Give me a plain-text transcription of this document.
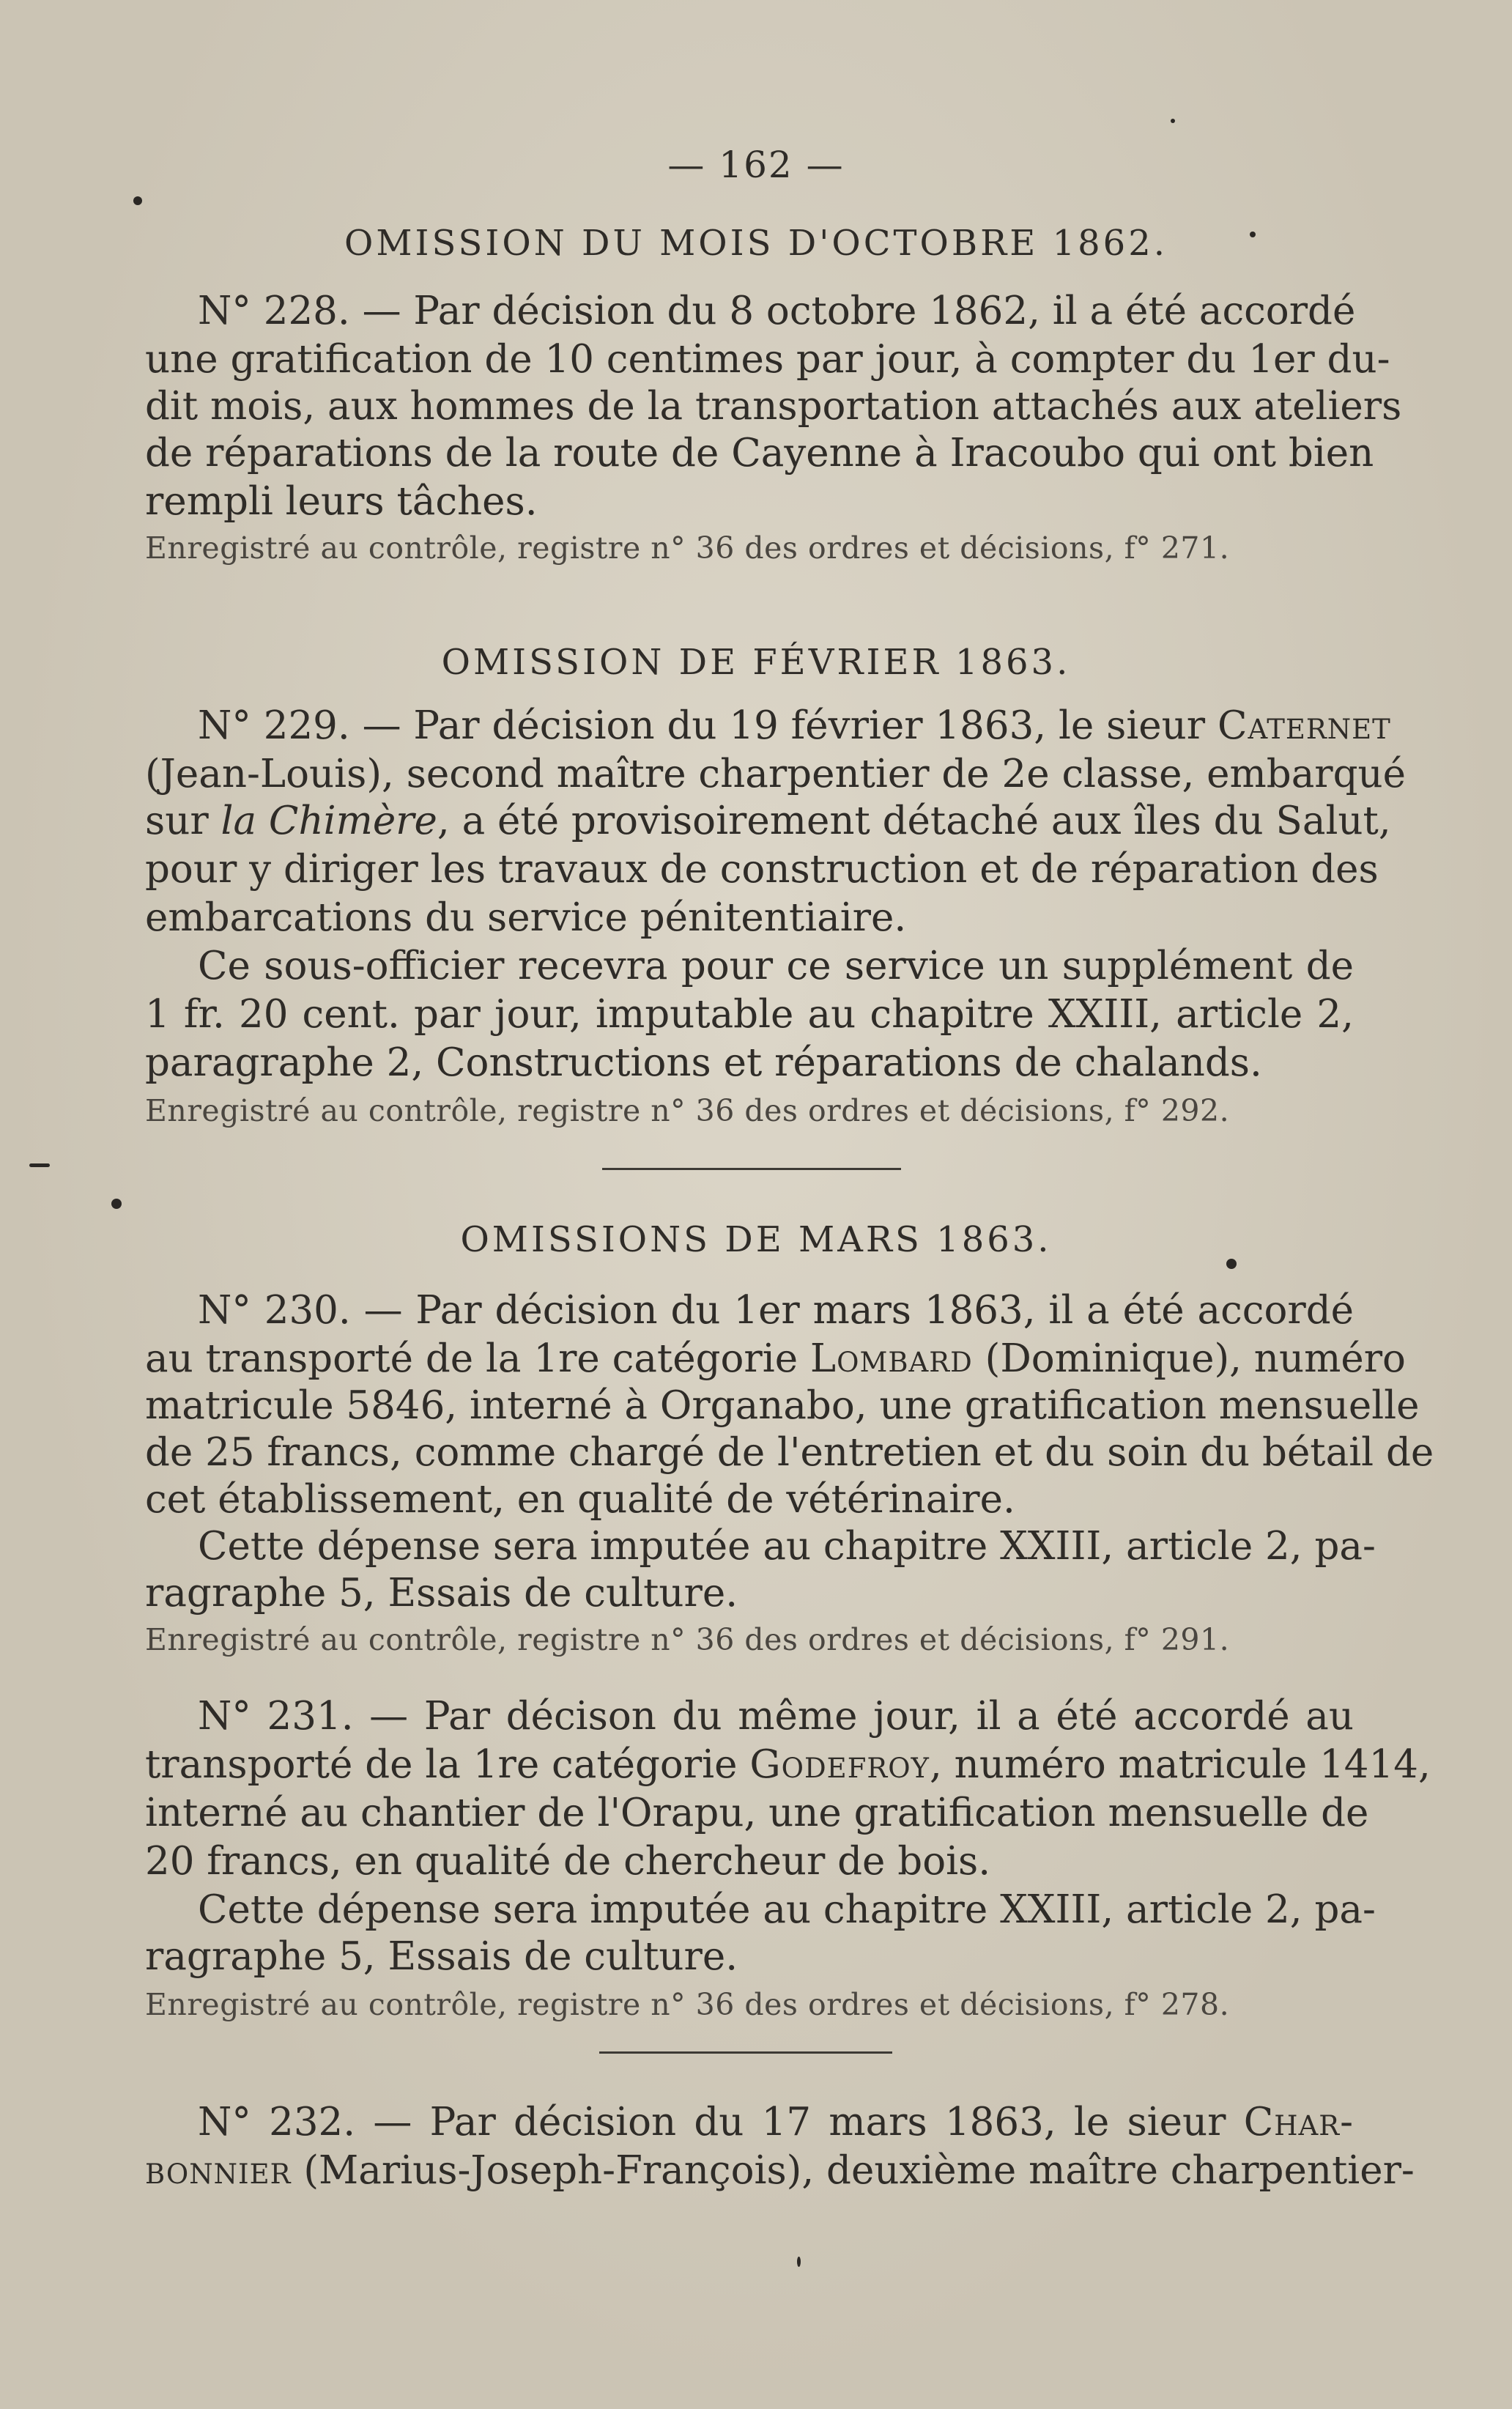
— 162 —
OMISSION DU MOIS D'OCTOBRE 1862.
N° 228. — Par décision du 8 octobre 1862, il a été accordé
une gratification de 10 centimes par jour, à compter du 1er du-
dit mois, aux hommes de la transportation attachés aux ateliers
de réparations de la route de Cayenne à Iracoubo qui ont bien
rempli leurs tâches.
Enregistré au contrôle, registre n° 36 des ordres et décisions, f° 271.
OMISSION DE FÉVRIER 1863.
N° 229. — Par décision du 19 février 1863, le sieur Caternet
(Jean-Louis), second maître charpentier de 2e classe, embarqué
sur la Chimère, a été provisoirement détaché aux îles du Salut,
pour y diriger les travaux de construction et de réparation des
embarcations du service pénitentiaire.
Ce sous-officier recevra pour ce service un supplément de
1 fr. 20 cent. par jour, imputable au chapitre XXIII, article 2,
paragraphe 2, Constructions et réparations de chalands.
Enregistré au contrôle, registre n° 36 des ordres et décisions, f° 292.
OMISSIONS DE MARS 1863.
N° 230. — Par décision du 1er mars 1863, il a été accordé
au transporté de la 1re catégorie Lombard (Dominique), numéro
matricule 5846, interné à Organabo, une gratification mensuelle
de 25 francs, comme chargé de l'entretien et du soin du bétail de
cet établissement, en qualité de vétérinaire.
Cette dépense sera imputée au chapitre XXIII, article 2, pa-
ragraphe 5, Essais de culture.
Enregistré au contrôle, registre n° 36 des ordres et décisions, f° 291.
N° 231. — Par décison du même jour, il a été accordé au
transporté de la 1re catégorie Godefroy, numéro matricule 1414,
interné au chantier de l'Orapu, une gratification mensuelle de
20 francs, en qualité de chercheur de bois.
Cette dépense sera imputée au chapitre XXIII, article 2, pa-
ragraphe 5, Essais de culture.
Enregistré au contrôle, registre n° 36 des ordres et décisions, f° 278.
N° 232. — Par décision du 17 mars 1863, le sieur Char-
bonnier (Marius-Joseph-François), deuxième maître charpentier-
